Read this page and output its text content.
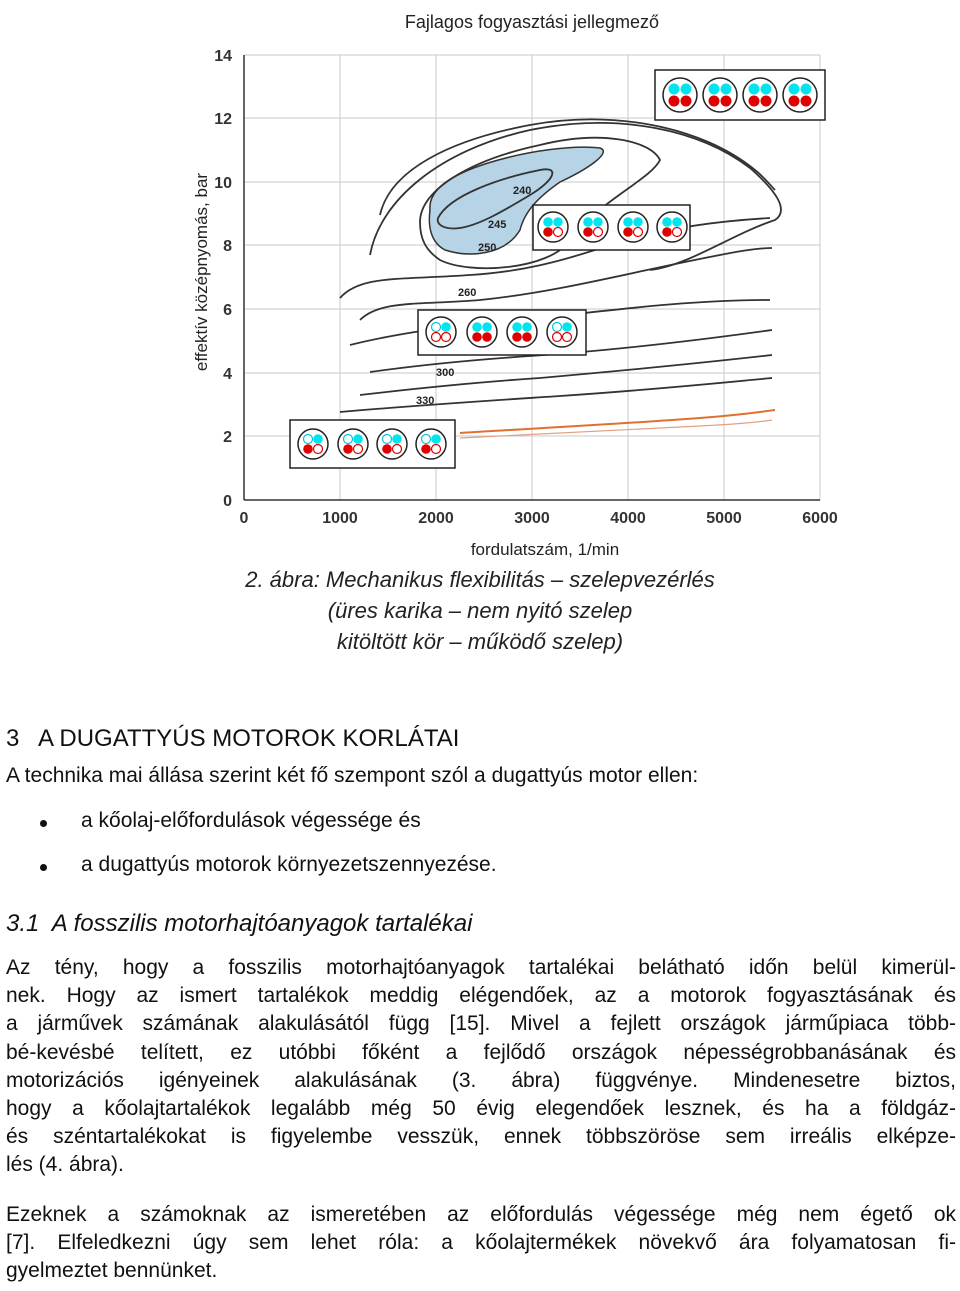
Fajlagos fogyasztási jellegmező
0
2
4
6
8
10
12
14
0	1000	2000	3000	4000	5000	6000
effektív középnyomás, bar
fordulatszám, 1/min
240
245
250
260
300
330
2. ábra: Mechanikus flexibilitás – szelepvezérlés
(üres karika – nem nyitó szelep
kitöltött kör – működő szelep)
3   A DUGATTYÚS MOTOROK KORLÁTAI
A technika mai állása szerint két fő szempont szól a dugattyús motor ellen:
a kőolaj-előfordulások végessége és
a dugattyús motorok környezetszennyezése.
3.1  A fosszilis motorhajtóanyagok tartalékai
Az tény, hogy a fosszilis motorhajtóanyagok tartalékai belátható időn belül kimerül-
nek. Hogy az ismert tartalékok meddig elégendőek, az a motorok fogyasztásának és
a járművek számának alakulásától függ [15]. Mivel a fejlett országok járműpiaca több-
bé-kevésbé telített, ez utóbbi főként a fejlődő országok népességrobbanásának és
motorizációs igényeinek alakulásának (3. ábra) függvénye. Mindenesetre biztos,
hogy a kőolajtartalékok legalább még 50 évig elegendőek lesznek, és ha a földgáz-
és széntartalékokat is figyelembe vesszük, ennek többszöröse sem irreális elképze-
lés (4. ábra).
Ezeknek a számoknak az ismeretében az előfordulás végessége még nem égető ok
[7]. Elfeledkezni úgy sem lehet róla: a kőolajtermékek növekvő ára folyamatosan fi-
gyelmeztet bennünket.
